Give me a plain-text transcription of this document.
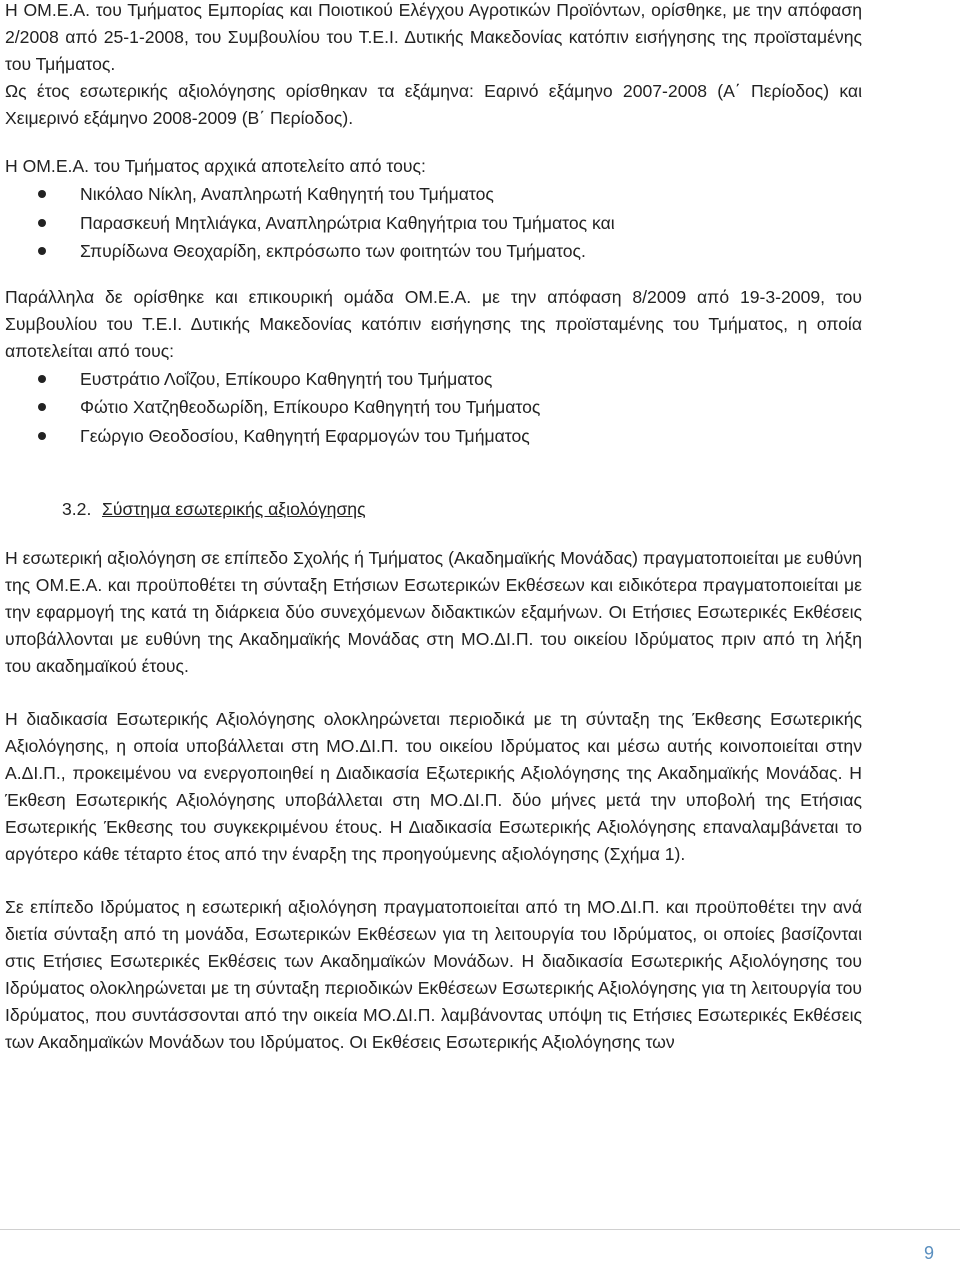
Η ΟΜ.Ε.Α. του Τμήματος Εμπορίας και Ποιοτικού Ελέγχου Αγροτικών Προϊόντων, ορίσθηκε, με την απόφαση 2/2008 από 25-1-2008, του Συμβουλίου του Τ.Ε.Ι. Δυτικής Μακεδονίας κατόπιν εισήγησης της προϊσταμένης του Τμήματος.

Ως έτος εσωτερικής αξιολόγησης ορίσθηκαν τα εξάμηνα: Εαρινό εξάμηνο 2007-2008 (Α΄ Περίοδος) και Χειμερινό εξάμηνο 2008-2009 (Β΄ Περίοδος).

Η ΟΜ.Ε.Α. του Τμήματος αρχικά αποτελείτο από τους:

Νικόλαο Νίκλη, Αναπληρωτή Καθηγητή του Τμήματος
Παρασκευή Μητλιάγκα, Αναπληρώτρια Καθηγήτρια του Τμήματος και
Σπυρίδωνα Θεοχαρίδη, εκπρόσωπο των φοιτητών του Τμήματος.

Παράλληλα δε ορίσθηκε και επικουρική ομάδα ΟΜ.Ε.Α. με την απόφαση 8/2009 από 19-3-2009, του Συμβουλίου του Τ.Ε.Ι. Δυτικής Μακεδονίας κατόπιν εισήγησης της προϊσταμένης του Τμήματος, η οποία αποτελείται από τους:

Ευστράτιο Λοΐζου, Επίκουρο Καθηγητή του Τμήματος
Φώτιο Χατζηθεοδωρίδη, Επίκουρο Καθηγητή του Τμήματος
Γεώργιο Θεοδοσίου, Καθηγητή Εφαρμογών του Τμήματος

3.2. Σύστημα εσωτερικής αξιολόγησης

Η εσωτερική αξιολόγηση σε επίπεδο Σχολής ή Τμήματος (Ακαδημαϊκής Μονάδας) πραγματοποιείται με ευθύνη της ΟΜ.Ε.Α. και προϋποθέτει τη σύνταξη Ετήσιων Εσωτερικών Εκθέσεων και ειδικότερα πραγματοποιείται με την εφαρμογή της κατά τη διάρκεια δύο συνεχόμενων διδακτικών εξαμήνων. Οι Ετήσιες Εσωτερικές Εκθέσεις υποβάλλονται με ευθύνη της Ακαδημαϊκής Μονάδας στη ΜΟ.ΔΙ.Π. του οικείου Ιδρύματος πριν από τη λήξη του ακαδημαϊκού έτους.

Η διαδικασία Εσωτερικής Αξιολόγησης ολοκληρώνεται περιοδικά με τη σύνταξη της Έκθεσης Εσωτερικής Αξιολόγησης, η οποία υποβάλλεται στη ΜΟ.ΔΙ.Π. του οικείου Ιδρύματος και μέσω αυτής κοινοποιείται στην Α.ΔΙ.Π., προκειμένου να ενεργοποιηθεί η Διαδικασία Εξωτερικής Αξιολόγησης της Ακαδημαϊκής Μονάδας. Η Έκθεση Εσωτερικής Αξιολόγησης υποβάλλεται στη ΜΟ.ΔΙ.Π. δύο μήνες μετά την υποβολή της Ετήσιας Εσωτερικής Έκθεσης του συγκεκριμένου έτους. Η Διαδικασία Εσωτερικής Αξιολόγησης επαναλαμβάνεται το αργότερο κάθε τέταρτο έτος από την έναρξη της προηγούμενης αξιολόγησης (Σχήμα 1).

Σε επίπεδο Ιδρύματος η εσωτερική αξιολόγηση πραγματοποιείται από τη ΜΟ.ΔΙ.Π. και προϋποθέτει την ανά διετία σύνταξη από τη μονάδα, Εσωτερικών Εκθέσεων για τη λειτουργία του Ιδρύματος, οι οποίες βασίζονται στις Ετήσιες Εσωτερικές Εκθέσεις των Ακαδημαϊκών Μονάδων. Η διαδικασία Εσωτερικής Αξιολόγησης του Ιδρύματος ολοκληρώνεται με τη σύνταξη περιοδικών Εκθέσεων Εσωτερικής Αξιολόγησης για τη λειτουργία του Ιδρύματος, που συντάσσονται από την οικεία ΜΟ.ΔΙ.Π. λαμβάνοντας υπόψη τις Ετήσιες Εσωτερικές Εκθέσεις των Ακαδημαϊκών Μονάδων του Ιδρύματος. Οι Εκθέσεις Εσωτερικής Αξιολόγησης των

9
